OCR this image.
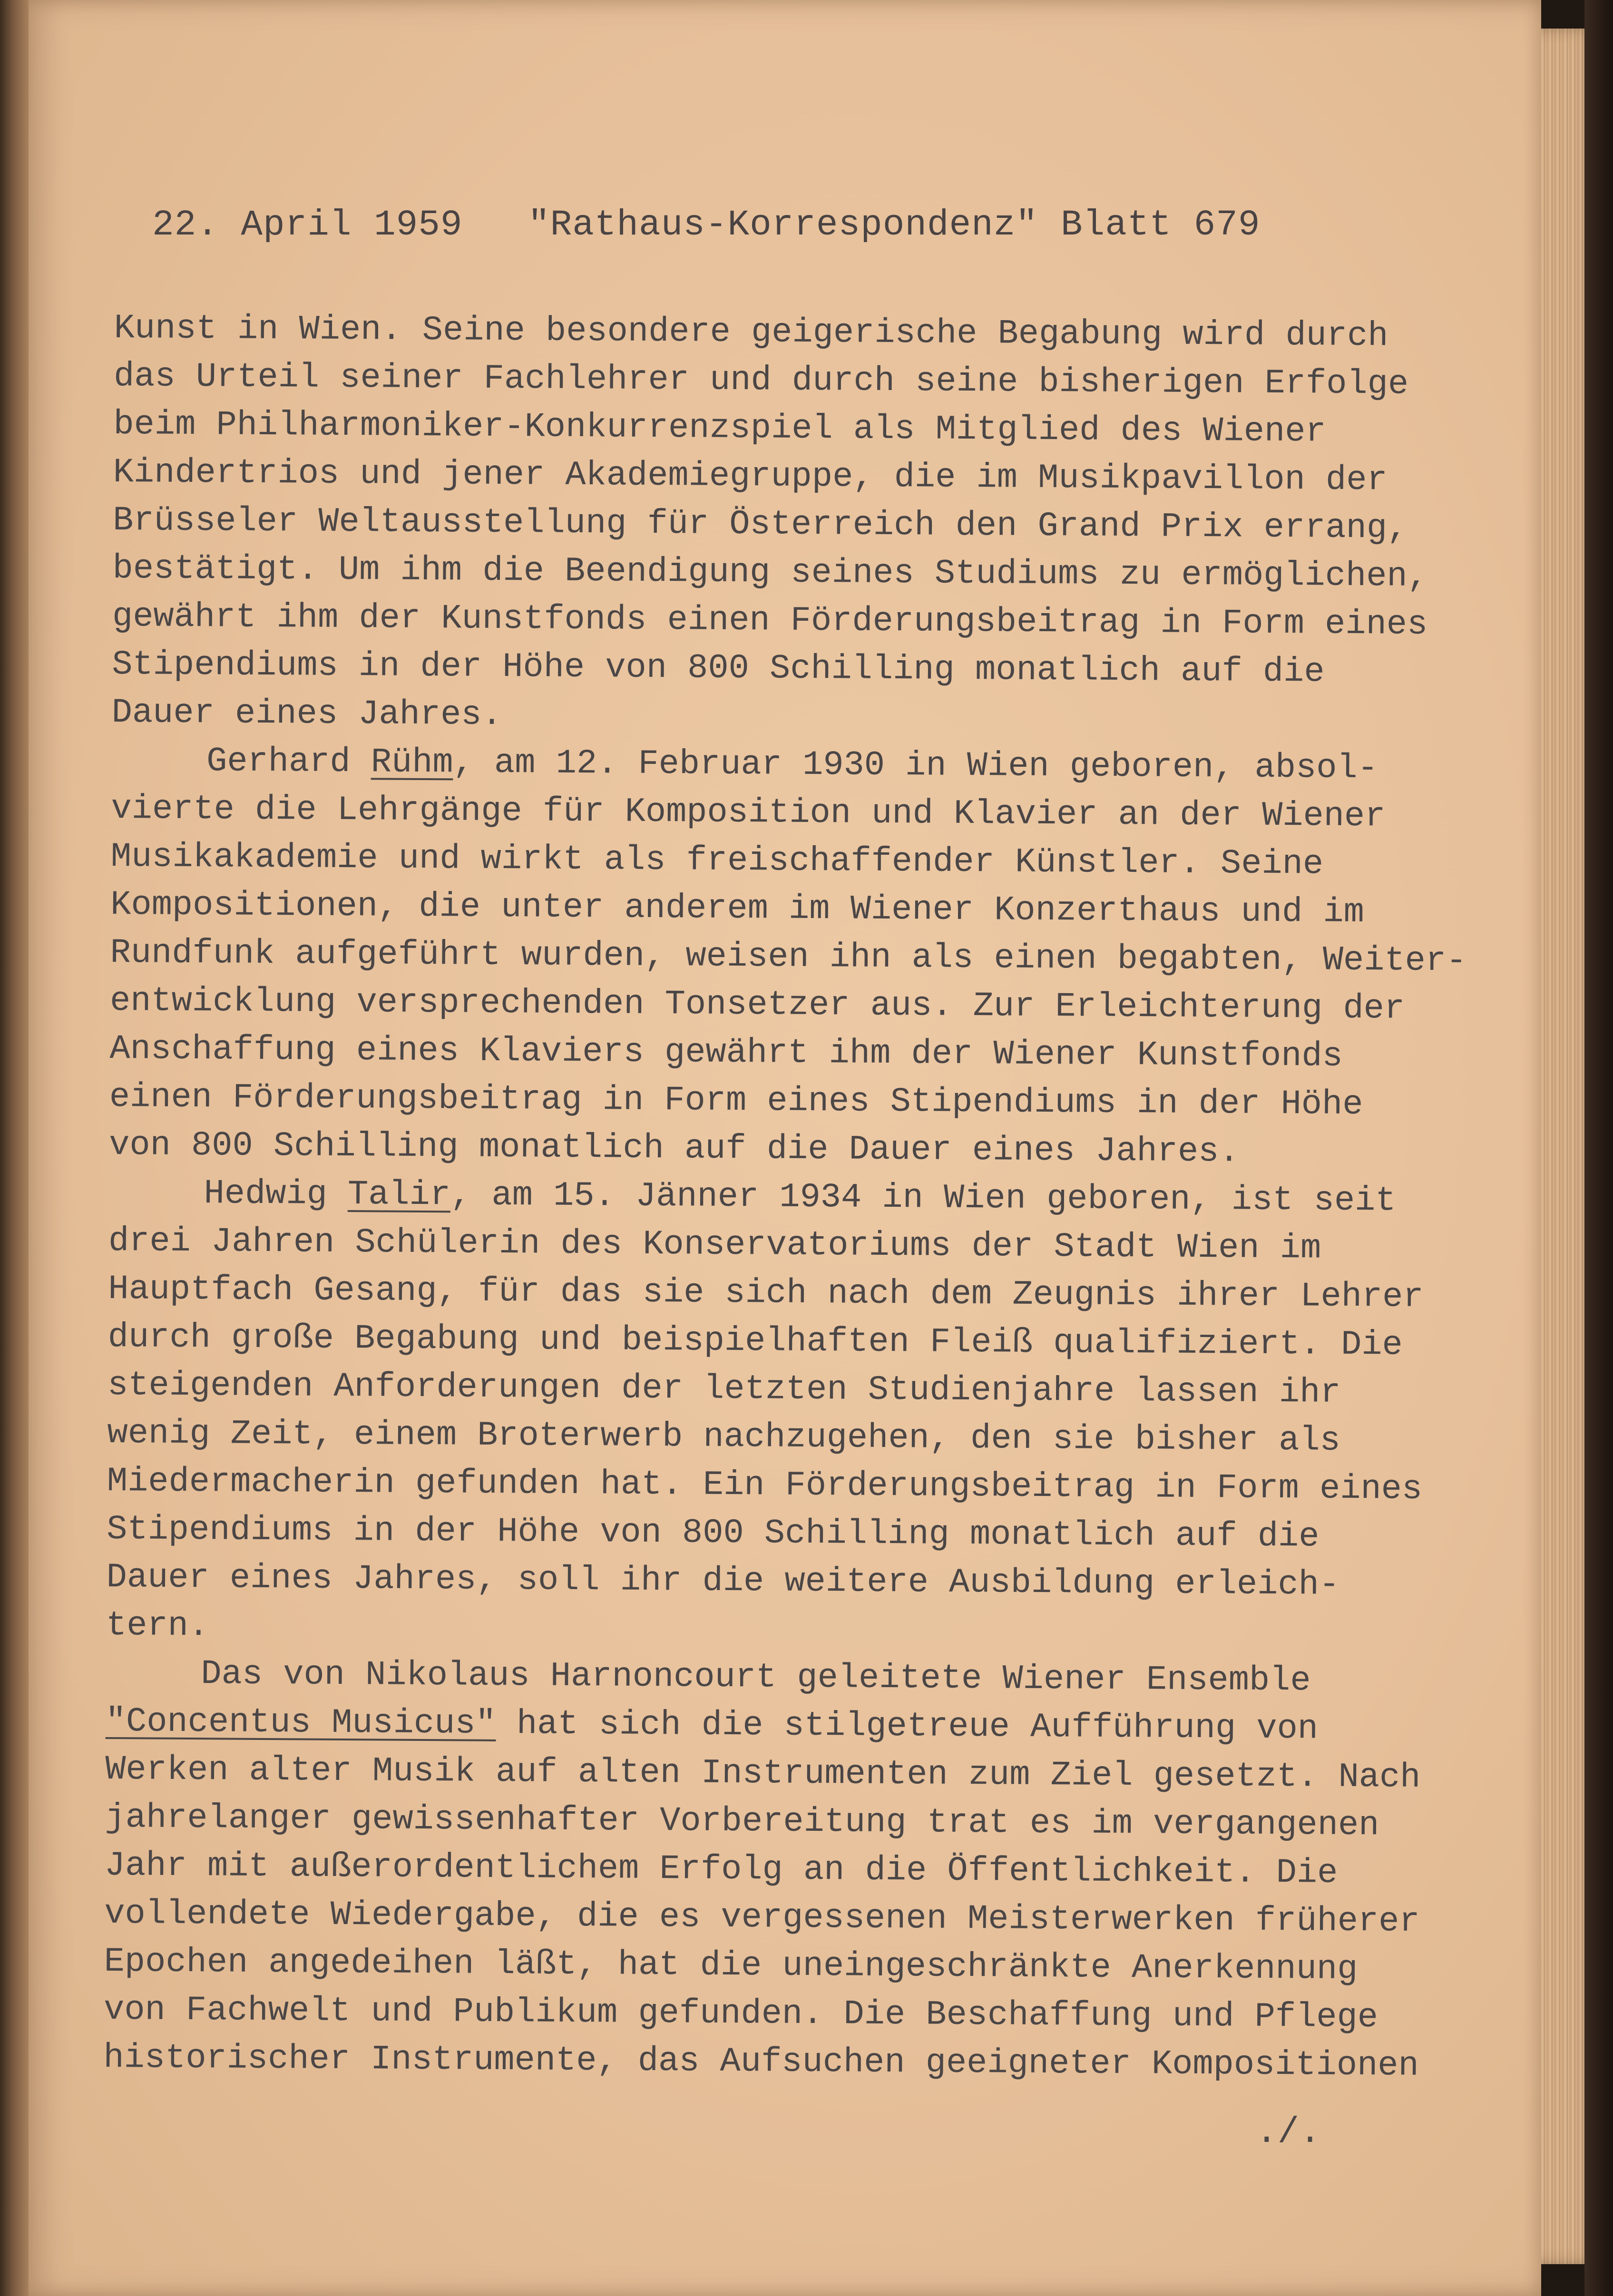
22. April 1959 "Rathaus-Korrespondenz" Blatt 679
Kunst in Wien. Seine besondere geigerische Begabung wird durch
das Urteil seiner Fachlehrer und durch seine bisherigen Erfolge
beim Philharmoniker-Konkurrenzspiel als Mitglied des Wiener
Kindertrios und jener Akademiegruppe, die im Musikpavillon der
Brüsseler Weltausstellung für Österreich den Grand Prix errang,
bestätigt. Um ihm die Beendigung seines Studiums zu ermöglichen,
gewährt ihm der Kunstfonds einen Förderungsbeitrag in Form eines
Stipendiums in der Höhe von 800 Schilling monatlich auf die
Dauer eines Jahres.
Gerhard Rühm, am 12. Februar 1930 in Wien geboren, absol-
vierte die Lehrgänge für Komposition und Klavier an der Wiener
Musikakademie und wirkt als freischaffender Künstler. Seine
Kompositionen, die unter anderem im Wiener Konzerthaus und im
Rundfunk aufgeführt wurden, weisen ihn als einen begabten, Weiter-
entwicklung versprechenden Tonsetzer aus. Zur Erleichterung der
Anschaffung eines Klaviers gewährt ihm der Wiener Kunstfonds
einen Förderungsbeitrag in Form eines Stipendiums in der Höhe
von 800 Schilling monatlich auf die Dauer eines Jahres.
Hedwig Talir, am 15. Jänner 1934 in Wien geboren, ist seit
drei Jahren Schülerin des Konservatoriums der Stadt Wien im
Hauptfach Gesang, für das sie sich nach dem Zeugnis ihrer Lehrer
durch große Begabung und beispielhaften Fleiß qualifiziert. Die
steigenden Anforderungen der letzten Studienjahre lassen ihr
wenig Zeit, einem Broterwerb nachzugehen, den sie bisher als
Miedermacherin gefunden hat. Ein Förderungsbeitrag in Form eines
Stipendiums in der Höhe von 800 Schilling monatlich auf die
Dauer eines Jahres, soll ihr die weitere Ausbildung erleich-
tern.
Das von Nikolaus Harnoncourt geleitete Wiener Ensemble
"Concentus Musicus" hat sich die stilgetreue Aufführung von
Werken alter Musik auf alten Instrumenten zum Ziel gesetzt. Nach
jahrelanger gewissenhafter Vorbereitung trat es im vergangenen
Jahr mit außerordentlichem Erfolg an die Öffentlichkeit. Die
vollendete Wiedergabe, die es vergessenen Meisterwerken früherer
Epochen angedeihen läßt, hat die uneingeschränkte Anerkennung
von Fachwelt und Publikum gefunden. Die Beschaffung und Pflege
historischer Instrumente, das Aufsuchen geeigneter Kompositionen
./.
